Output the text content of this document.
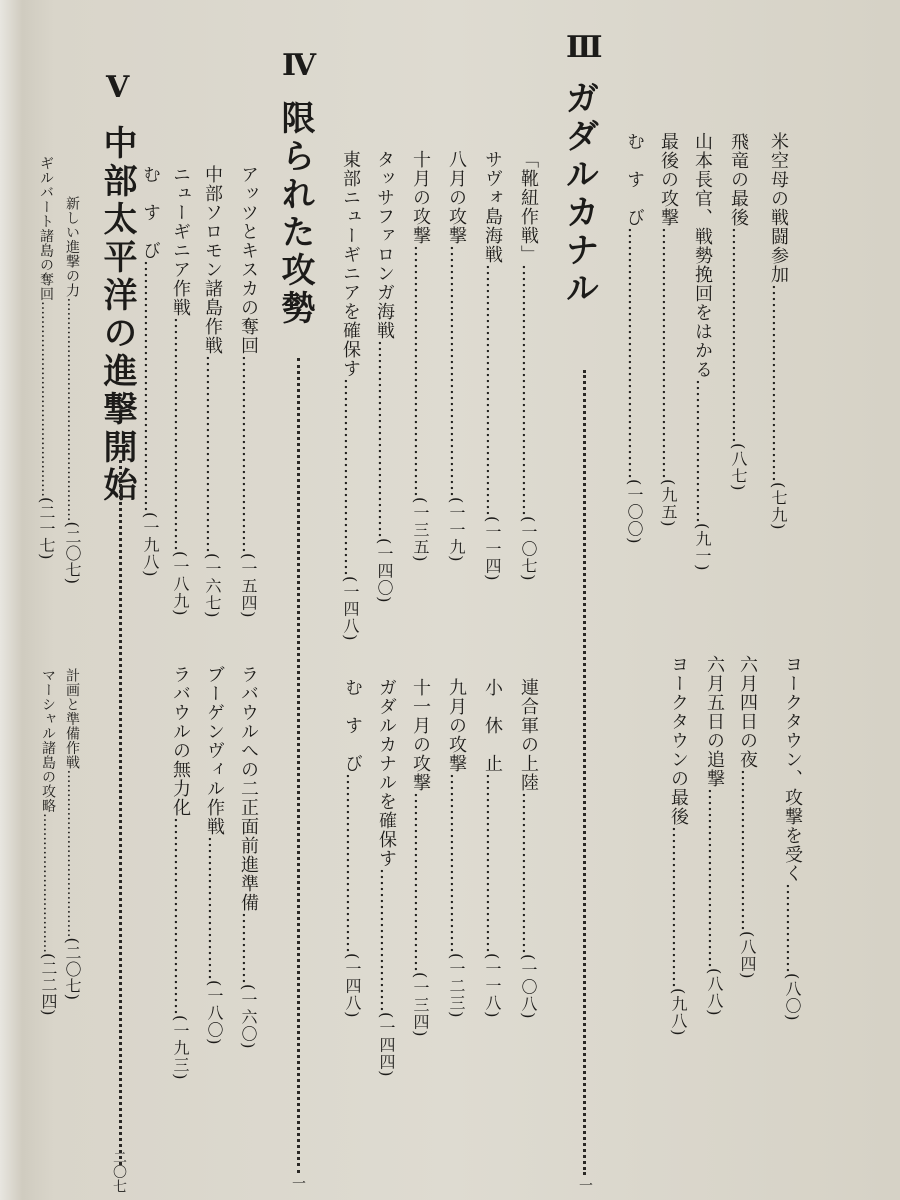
Ⅲ
ガダルカナル
一
Ⅳ
限られた攻勢
一
Ⅴ
中部太平洋の進撃開始
二〇七
米空母の戦闘参加……………………………(七九)
飛竜の最後………………………………(八七)
山本長官、戦勢挽回をはかる……………………(九一)
最後の攻撃……………………………………(九五)
む　す　び……………………………………(一〇〇)
「靴紐作戦」……………………………………(一〇七)
サヴォ島海戦……………………………………(一一四)
八月の攻撃……………………………………(一一九)
十月の攻撃……………………………………(一三五)
タッサファロンガ海戦……………………………(一四〇)
東部ニューギニアを確保す……………………………(一四八)
アッツとキスカの奪回……………………………(一五四)
中部ソロモン諸島作戦……………………………(一六七)
ニューギニア作戦…………………………………(一八九)
む　す　び……………………………………(一九八)
新しい進撃の力…………………………………………(二〇七)
ギルバート諸島の奪回……………………………………(二一七)
ヨークタウン、攻撃を受く……………(八〇)
六月四日の夜………………………(八四)
六月五日の追撃…………………………(八八)
ヨークタウンの最後………………………(九八)
連合軍の上陸………………………(一〇八)
小　休　止…………………………(一一八)
九月の攻撃…………………………(一二三)
十一月の攻撃…………………………(一三四)
ガダルカナルを確保す……………………(一四四)
む　す　び…………………………(一四八)
ラバウルへの二正面前進準備…………(一六〇)
ブーゲンヴィル作戦……………………(一八〇)
ラバウルの無力化……………………………(一九三)
計画と準備作戦………………………………(二〇七)
マーシャル諸島の攻略…………………………(二二四)
